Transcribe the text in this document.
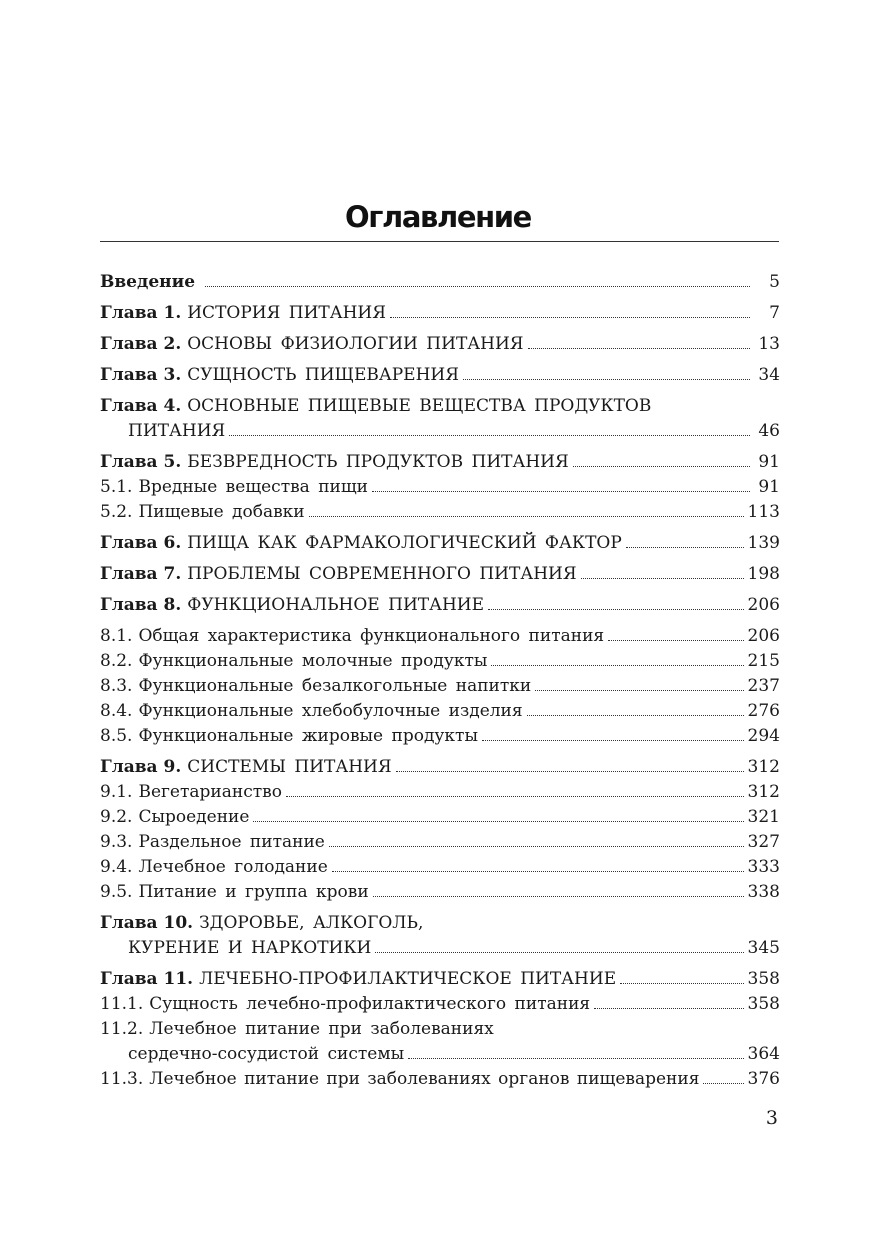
Оглавление
Введение	5
Глава 1. ИСТОРИЯ ПИТАНИЯ	7
Глава 2. ОСНОВЫ ФИЗИОЛОГИИ ПИТАНИЯ	13
Глава 3. СУЩНОСТЬ ПИЩЕВАРЕНИЯ	34
Глава 4. ОСНОВНЫЕ ПИЩЕВЫЕ ВЕЩЕСТВА ПРОДУКТОВ
ПИТАНИЯ	46
Глава 5. БЕЗВРЕДНОСТЬ ПРОДУКТОВ ПИТАНИЯ	91
5.1. Вредные вещества пищи	91
5.2. Пищевые добавки	113
Глава 6. ПИЩА КАК ФАРМАКОЛОГИЧЕСКИЙ ФАКТОР	139
Глава 7. ПРОБЛЕМЫ СОВРЕМЕННОГО ПИТАНИЯ	198
Глава 8. ФУНКЦИОНАЛЬНОЕ ПИТАНИЕ	206
8.1. Общая характеристика функционального питания	206
8.2. Функциональные молочные продукты	215
8.3. Функциональные безалкогольные напитки	237
8.4. Функциональные хлебобулочные изделия	276
8.5. Функциональные жировые продукты	294
Глава 9. СИСТЕМЫ ПИТАНИЯ	312
9.1. Вегетарианство	312
9.2. Сыроедение	321
9.3. Раздельное питание	327
9.4. Лечебное голодание	333
9.5. Питание и группа крови	338
Глава 10. ЗДОРОВЬЕ, АЛКОГОЛЬ,
КУРЕНИЕ И НАРКОТИКИ	345
Глава 11. ЛЕЧЕБНО-ПРОФИЛАКТИЧЕСКОЕ ПИТАНИЕ	358
11.1. Сущность лечебно-профилактического питания	358
11.2. Лечебное питание при заболеваниях
сердечно-сосудистой системы	364
11.3. Лечебное питание при заболеваниях органов пищеварения	376
3
